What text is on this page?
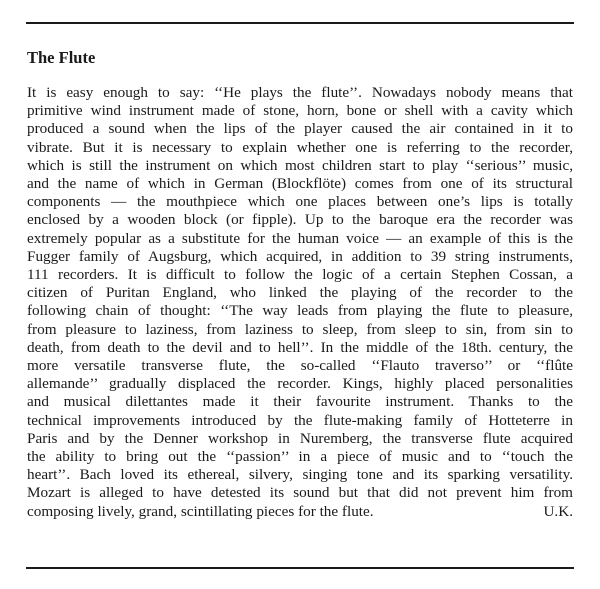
The Flute
It is easy enough to say: ‘‘He plays the flute’’. Nowadays nobody means that
primitive wind instrument made of stone, horn, bone or shell with a cavity which
produced a sound when the lips of the player caused the air contained in it to
vibrate. But it is necessary to explain whether one is referring to the recorder,
which is still the instrument on which most children start to play ‘‘serious’’ music,
and the name of which in German (Blockflöte) comes from one of its structural
components — the mouthpiece which one places between one’s lips is totally
enclosed by a wooden block (or fipple). Up to the baroque era the recorder was
extremely popular as a substitute for the human voice — an example of this is the
Fugger family of Augsburg, which acquired, in addition to 39 string instruments,
111 recorders. It is difficult to follow the logic of a certain Stephen Cossan, a
citizen of Puritan England, who linked the playing of the recorder to the
following chain of thought: ‘‘The way leads from playing the flute to pleasure,
from pleasure to laziness, from laziness to sleep, from sleep to sin, from sin to
death, from death to the devil and to hell’’. In the middle of the 18th. century, the
more versatile transverse flute, the so-called ‘‘Flauto traverso’’ or ‘‘flûte
allemande’’ gradually displaced the recorder. Kings, highly placed personalities
and musical dilettantes made it their favourite instrument. Thanks to the
technical improvements introduced by the flute-making family of Hotteterre in
Paris and by the Denner workshop in Nuremberg, the transverse flute acquired
the ability to bring out the ‘‘passion’’ in a piece of music and to ‘‘touch the
heart’’. Bach loved its ethereal, silvery, singing tone and its sparking versatility.
Mozart is alleged to have detested its sound but that did not prevent him from
composing lively, grand, scintillating pieces for the flute.	U.K.
